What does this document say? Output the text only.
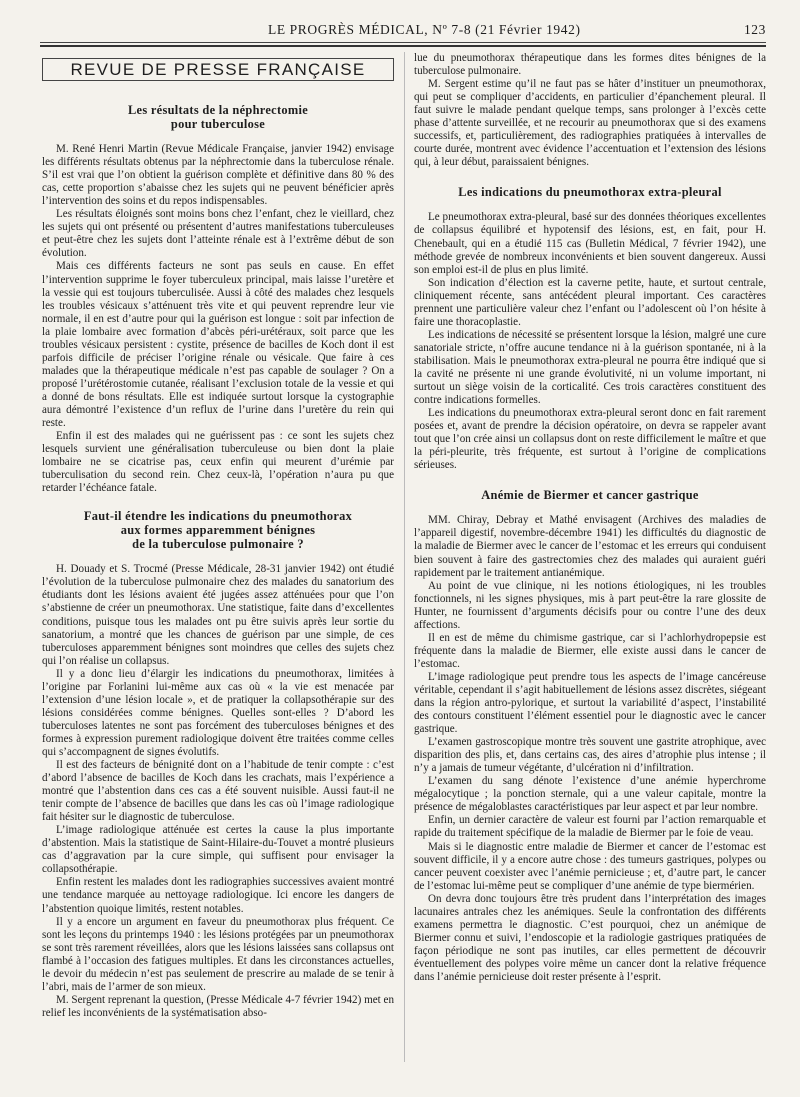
LE PROGRÈS MÉDICAL, Nº 7-8 (21 Février 1942)	123
REVUE DE PRESSE FRANÇAISE
Les résultats de la néphrectomie
pour tuberculose

M. René Henri Martin (Revue Médicale Française, janvier 1942) envisage les différents résultats obtenus par la néphrectomie dans la tuberculose rénale. S’il est vrai que l’on obtient la guérison complète et définitive dans 80 % des cas, cette proportion s’abaisse chez les sujets qui ne peuvent bénéficier après l’intervention des soins et du repos indispensables.

Les résultats éloignés sont moins bons chez l’enfant, chez le vieillard, chez les sujets qui ont présenté ou présentent d’autres manifestations tuberculeuses et peut-être chez les sujets dont l’atteinte rénale est à l’extrême début de son évolution.

Mais ces différents facteurs ne sont pas seuls en cause. En effet l’intervention supprime le foyer tuberculeux principal, mais laisse l’uretère et la vessie qui est toujours tuberculisée. Aussi à côté des malades chez lesquels les troubles vésicaux s’atténuent très vite et qui peuvent reprendre leur vie normale, il en est d’autre pour qui la guérison est longue : soit par infection de la plaie lombaire avec formation d’abcès péri-urétéraux, soit parce que les troubles vésicaux persistent : cystite, présence de bacilles de Koch dont il est parfois difficile de préciser l’origine rénale ou vésicale. Que faire à ces malades que la thérapeutique médicale n’est pas capable de soulager ? On a proposé l’urétérostomie cutanée, réalisant l’exclusion totale de la vessie et qui a donné de bons résultats. Elle est indiquée surtout lorsque la cystographie aura démontré l’existence d’un reflux de l’urine dans l’uretère du rein qui reste.

Enfin il est des malades qui ne guérissent pas : ce sont les sujets chez lesquels survient une généralisation tuberculeuse ou bien dont la plaie lombaire ne se cicatrise pas, ceux enfin qui meurent d’urémie par tuberculisation du second rein. Chez ceux-là, l’opération n’aura pu que retarder l’échéance fatale.

Faut-il étendre les indications du pneumothorax
aux formes apparemment bénignes
de la tuberculose pulmonaire ?

H. Douady et S. Trocmé (Presse Médicale, 28-31 janvier 1942) ont étudié l’évolution de la tuberculose pulmonaire chez des malades du sanatorium des étudiants dont les lésions avaient été jugées assez atténuées pour que l’on s’abstienne de créer un pneumothorax. Une statistique, faite dans d’excellentes conditions, puisque tous les malades ont pu être suivis après leur sortie du sanatorium, a montré que les chances de guérison par une simple, de ces tuberculoses apparemment bénignes sont moindres que celles des sujets chez qui l’on réalise un collapsus.

Il y a donc lieu d’élargir les indications du pneumothorax, limitées à l’origine par Forlanini lui-même aux cas où « la vie est menacée par l’extension d’une lésion locale », et de pratiquer la collapsothérapie sur des lésions considérées comme bénignes. Quelles sont-elles ? D’abord les tuberculoses latentes ne sont pas forcément des tuberculoses bénignes et des formes à expression purement radiologique doivent être traitées comme celles qui s’accompagnent de signes évolutifs.

Il est des facteurs de bénignité dont on a l’habitude de tenir compte : c’est d’abord l’absence de bacilles de Koch dans les crachats, mais l’expérience a montré que l’abstention dans ces cas a été souvent nuisible. Aussi faut-il ne tenir compte de l’absence de bacilles que dans les cas où l’image radiologique fait hésiter sur le diagnostic de tuberculose.

L’image radiologique atténuée est certes la cause la plus importante d’abstention. Mais la statistique de Saint-Hilaire-du-Touvet a montré plusieurs cas d’aggravation par la cure simple, qui suffisent pour envisager la collapsothérapie.

Enfin restent les malades dont les radiographies successives avaient montré une tendance marquée au nettoyage radiologique. Ici encore les dangers de l’abstention quoique limités, restent notables.

Il y a encore un argument en faveur du pneumothorax plus fréquent. Ce sont les leçons du printemps 1940 : les lésions protégées par un pneumothorax se sont très rarement réveillées, alors que les lésions laissées sans collapsus ont flambé à l’occasion des fatigues multiples. Et dans les circonstances actuelles, le devoir du médecin n’est pas seulement de prescrire au malade de se tenir à l’abri, mais de l’armer de son mieux.

M. Sergent reprenant la question, (Presse Médicale 4-7 février 1942) met en relief les inconvénients de la systématisation abso-

lue du pneumothorax thérapeutique dans les formes dites bénignes de la tuberculose pulmonaire.

M. Sergent estime qu’il ne faut pas se hâter d’instituer un pneumothorax, qui peut se compliquer d’accidents, en particulier d’épanchement pleural. Il faut suivre le malade pendant quelque temps, sans prolonger à l’excès cette phase d’attente surveillée, et ne recourir au pneumothorax que si des examens successifs, et, particulièrement, des radiographies pratiquées à intervalles de courte durée, montrent avec évidence l’accentuation et l’extension des lésions qui, à leur début, paraissaient bénignes.

Les indications du pneumothorax extra-pleural

Le pneumothorax extra-pleural, basé sur des données théoriques excellentes de collapsus équilibré et hypotensif des lésions, est, en fait, pour H. Chenebault, qui en a étudié 115 cas (Bulletin Médical, 7 février 1942), une méthode grevée de nombreux inconvénients et bien souvent dangereux. Aussi son emploi est-il de plus en plus limité.

Son indication d’élection est la caverne petite, haute, et surtout centrale, cliniquement récente, sans antécédent pleural important. Ces caractères prennent une particulière valeur chez l’enfant ou l’adolescent où l’on hésite à faire une thoracoplastie.

Les indications de nécessité se présentent lorsque la lésion, malgré une cure sanatoriale stricte, n’offre aucune tendance ni à la guérison spontanée, ni à la stabilisation. Mais le pneumothorax extra-pleural ne pourra être indiqué que si la cavité ne présente ni une grande évolutivité, ni un volume important, ni surtout un siège voisin de la corticalité. Ces trois caractères constituent des contre indications formelles.

Les indications du pneumothorax extra-pleural seront donc en fait rarement posées et, avant de prendre la décision opératoire, on devra se rappeler avant tout que l’on crée ainsi un collapsus dont on reste difficilement le maître et que la péri-pleurite, très fréquente, est surtout à l’origine de complications sérieuses.

Anémie de Biermer et cancer gastrique

MM. Chiray, Debray et Mathé envisagent (Archives des maladies de l’appareil digestif, novembre-décembre 1941) les difficultés du diagnostic de la maladie de Biermer avec le cancer de l’estomac et les erreurs qui conduisent bien souvent à faire des gastrectomies chez des malades qui auraient guéri rapidement par le traitement antianémique.

Au point de vue clinique, ni les notions étiologiques, ni les troubles fonctionnels, ni les signes physiques, mis à part peut-être la rare glossite de Hunter, ne fournissent d’arguments décisifs pour ou contre l’une des deux affections.

Il en est de même du chimisme gastrique, car si l’achlorhydropepsie est fréquente dans la maladie de Biermer, elle existe aussi dans le cancer de l’estomac.

L’image radiologique peut prendre tous les aspects de l’image cancéreuse véritable, cependant il s’agit habituellement de lésions assez discrètes, siégeant dans la région antro-pylorique, et surtout la variabilité d’aspect, l’instabilité des contours constituent l’élément essentiel pour le diagnostic avec le cancer gastrique.

L’examen gastroscopique montre très souvent une gastrite atrophique, avec disparition des plis, et, dans certains cas, des aires d’atrophie plus intense ; il n’y a jamais de tumeur végétante, d’ulcération ni d’infiltration.

L’examen du sang dénote l’existence d’une anémie hyperchrome mégalocytique ; la ponction sternale, qui a une valeur capitale, montre la présence de mégaloblastes caractéristiques par leur aspect et par leur nombre.

Enfin, un dernier caractère de valeur est fourni par l’action remarquable et rapide du traitement spécifique de la maladie de Biermer par le foie de veau.

Mais si le diagnostic entre maladie de Biermer et cancer de l’estomac est souvent difficile, il y a encore autre chose : des tumeurs gastriques, polypes ou cancer peuvent coexister avec l’anémie pernicieuse ; et, d’autre part, le cancer de l’estomac lui-même peut se compliquer d’une anémie de type biermérien.

On devra donc toujours être très prudent dans l’interprétation des images lacunaires antrales chez les anémiques. Seule la confrontation des différents examens permettra le diagnostic. C’est pourquoi, chez un anémique de Biermer connu et suivi, l’endoscopie et la radiologie gastriques pratiquées de façon périodique ne sont pas inutiles, car elles permettent de découvrir éventuellement des polypes voire même un cancer dont la relative fréquence dans l’anémie pernicieuse doit rester présente à l’esprit.
